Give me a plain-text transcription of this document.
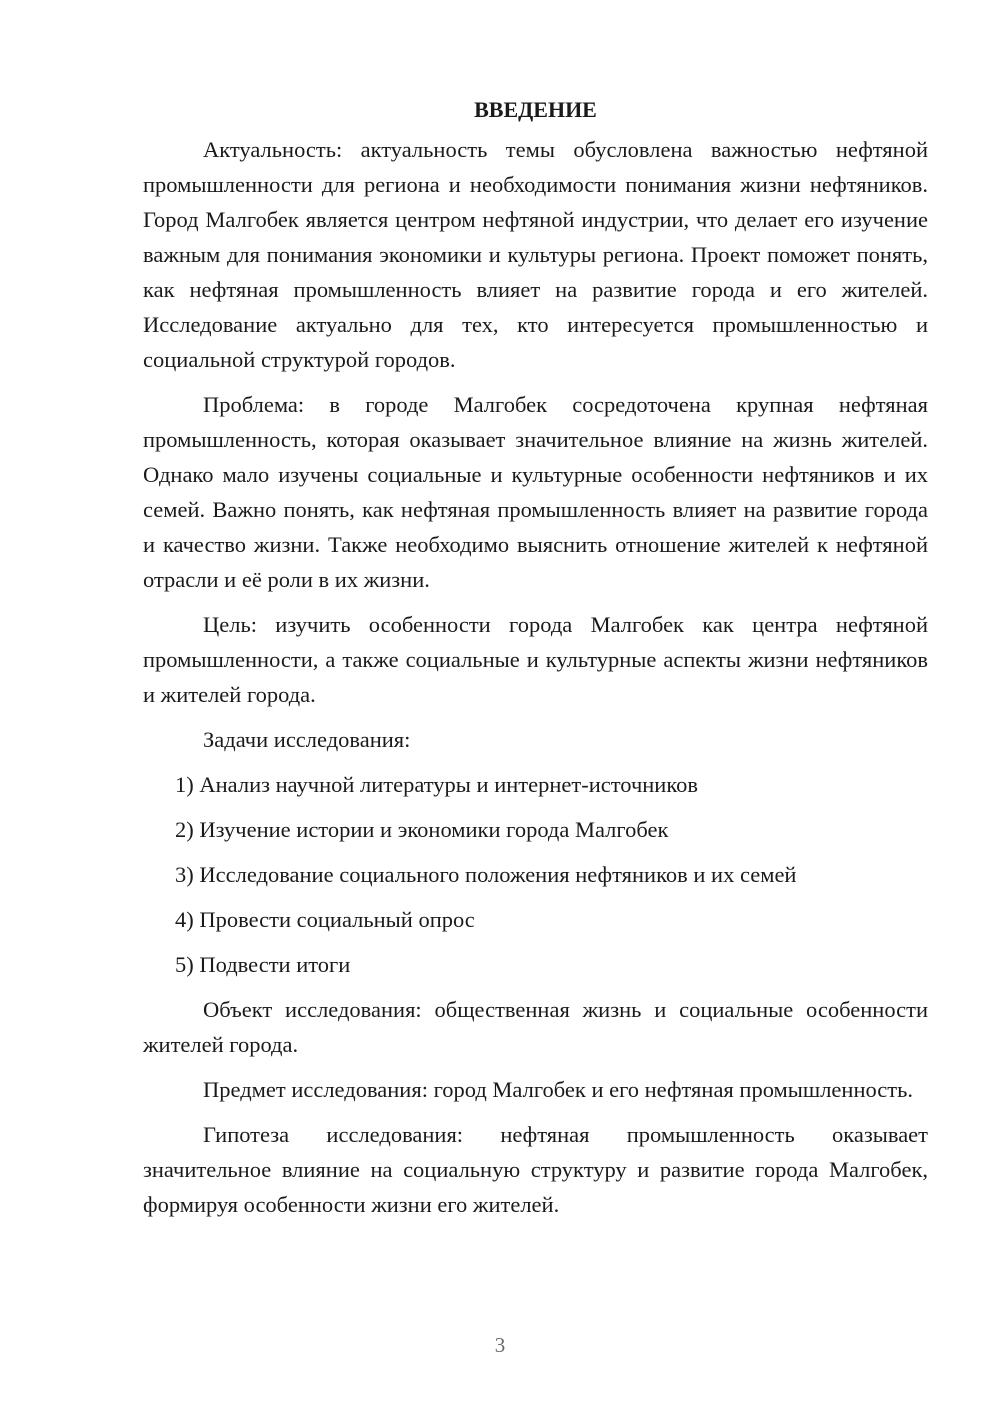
ВВЕДЕНИЕ

Актуальность: актуальность темы обусловлена важностью нефтяной промышленности для региона и необходимости понимания жизни нефтяников. Город Малгобек является центром нефтяной индустрии, что делает его изучение важным для понимания экономики и культуры региона. Проект поможет понять, как нефтяная промышленность влияет на развитие города и его жителей. Исследование актуально для тех, кто интересуется промышленностью и социальной структурой городов.

Проблема: в городе Малгобек сосредоточена крупная нефтяная промышленность, которая оказывает значительное влияние на жизнь жителей. Однако мало изучены социальные и культурные особенности нефтяников и их семей. Важно понять, как нефтяная промышленность влияет на развитие города и качество жизни. Также необходимо выяснить отношение жителей к нефтяной отрасли и её роли в их жизни.

Цель: изучить особенности города Малгобек как центра нефтяной промышленности, а также социальные и культурные аспекты жизни нефтяников и жителей города.

Задачи исследования:

1) Анализ научной литературы и интернет-источников
2) Изучение истории и экономики города Малгобек
3) Исследование социального положения нефтяников и их семей
4) Провести социальный опрос
5) Подвести итоги

Объект исследования: общественная жизнь и социальные особенности жителей города.

Предмет исследования: город Малгобек и его нефтяная промышленность.

Гипотеза исследования: нефтяная промышленность оказывает значительное влияние на социальную структуру и развитие города Малгобек, формируя особенности жизни его жителей.

3
